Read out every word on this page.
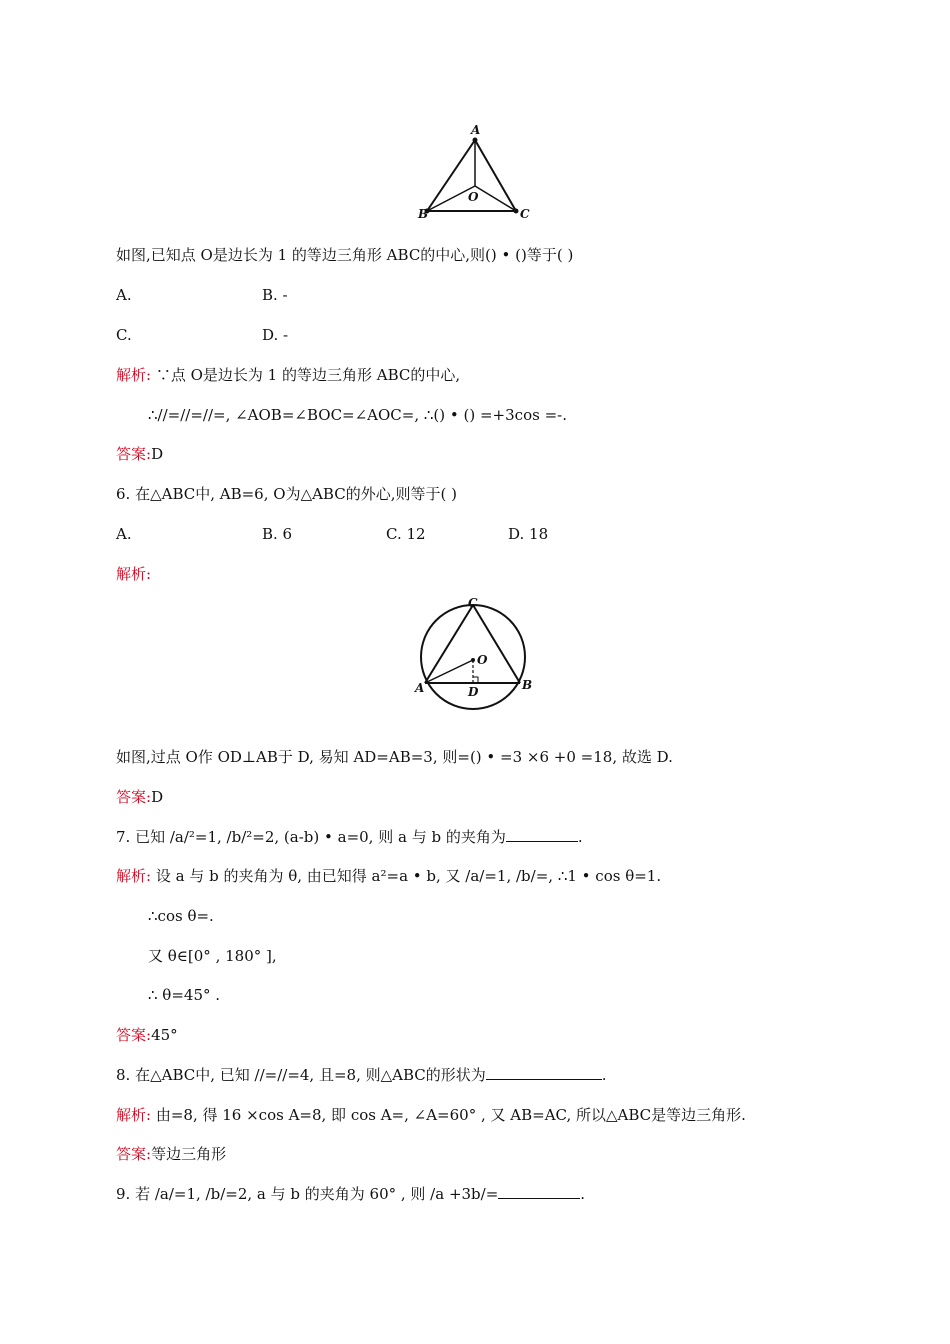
A
B	C
O
如图,已知点 O是边长为 1 的等边三角形 ABC的中心,则() • ()等于( )
A.	B. -
C.	D. -
解析: ∵点 O是边长为 1 的等边三角形 ABC的中心,
∴//=//=//=, ∠AOB=∠BOC=∠AOC=, ∴() • () =+3cos =-.
答案:D
6. 在△ABC中, AB=6, O为△ABC的外心,则等于( )
A.	B. 6	C. 12	D. 18
解析:
C
O
A	B
D
如图,过点 O作 OD⊥AB于 D, 易知 AD=AB=3, 则=() • =3 ×6 +0 =18, 故选 D.
答案:D
7. 已知 /a/²=1, /b/²=2, (a-b) • a=0, 则 a 与 b 的夹角为	.
解析: 设 a 与 b 的夹角为 θ, 由已知得 a²=a • b, 又 /a/=1, /b/=, ∴1 • cos θ=1.
∴cos θ=.
又 θ∈[0° , 180° ],
∴ θ=45° .
答案:45°
8. 在△ABC中, 已知 //=//=4, 且=8, 则△ABC的形状为	.
解析: 由=8, 得 16 ×cos A=8, 即 cos A=, ∠A=60° , 又 AB=AC, 所以△ABC是等边三角形.
答案:等边三角形
9. 若 /a/=1, /b/=2, a 与 b 的夹角为 60° , 则 /a +3b/=	.
